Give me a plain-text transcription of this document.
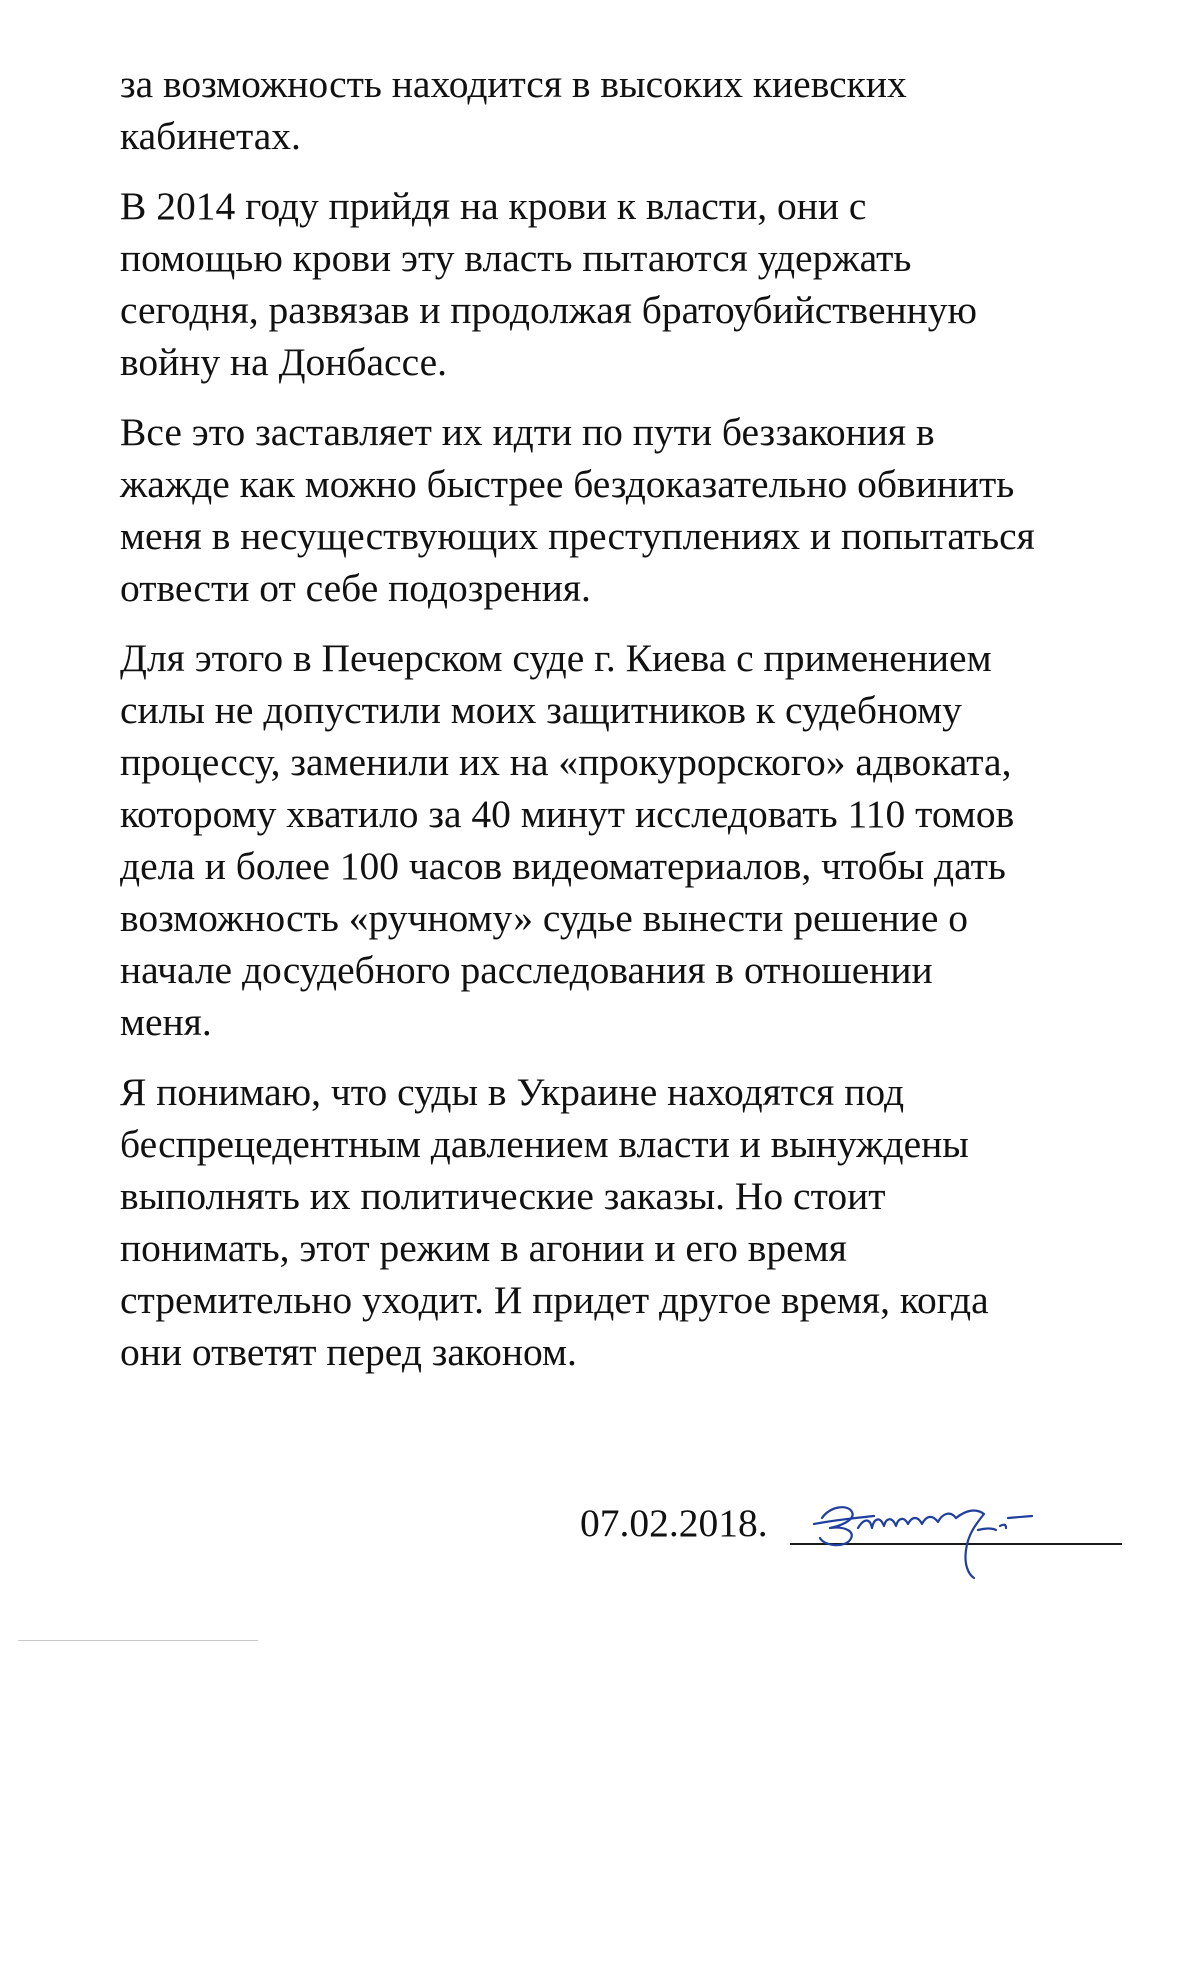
за возможность находится в высоких киевских
кабинетах.

В 2014 году прийдя на крови к власти, они с
помощью крови эту власть пытаются удержать
сегодня, развязав и продолжая братоубийственную
войну на Донбассе.

Все это заставляет их идти по пути беззакония в
жажде как можно быстрее бездоказательно обвинить
меня в несуществующих преступлениях и попытаться
отвести от себе подозрения.

Для этого в Печерском суде г. Киева с применением
силы не допустили моих защитников к судебному
процессу, заменили их на «прокурорского» адвоката,
которому хватило за 40 минут исследовать 110 томов
дела и более 100 часов видеоматериалов, чтобы дать
возможность «ручному» судье вынести решение о
начале досудебного расследования в отношении
меня.

Я понимаю, что суды в Украине находятся под
беспрецедентным давлением власти и вынуждены
выполнять их политические заказы. Но стоит
понимать, этот режим в агонии и его время
стремительно уходит. И придет другое время, когда
они ответят перед законом.

07.02.2018.
